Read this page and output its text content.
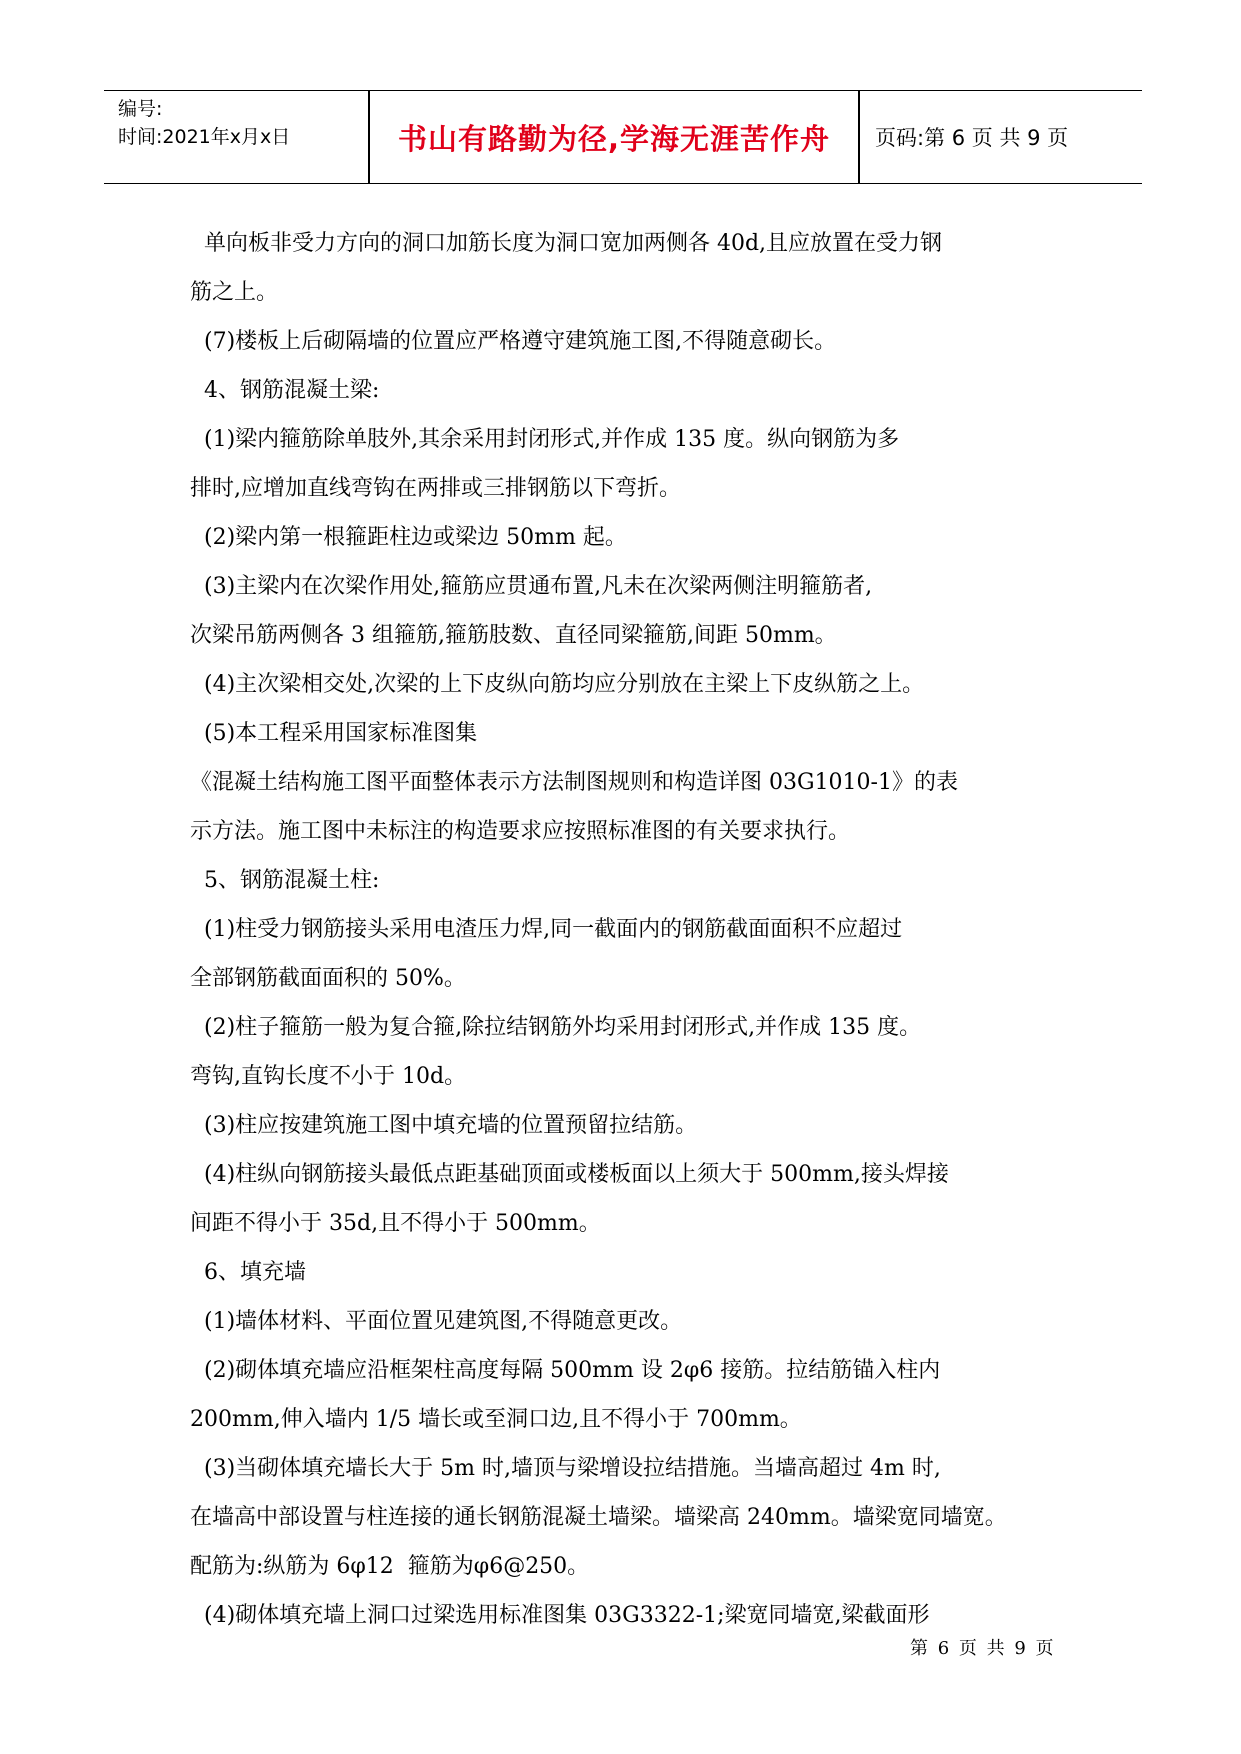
编号:
时间:2021年x月x日	书山有路勤为径,学海无涯苦作舟	页码:第 6 页 共 9 页

单向板非受力方向的洞口加筋长度为洞口宽加两侧各 40d,且应放置在受力钢

筋之上。

(7)楼板上后砌隔墙的位置应严格遵守建筑施工图,不得随意砌长。

4、钢筋混凝土梁:

(1)梁内箍筋除单肢外,其余采用封闭形式,并作成 135 度。纵向钢筋为多

排时,应增加直线弯钩在两排或三排钢筋以下弯折。

(2)梁内第一根箍距柱边或梁边 50mm 起。

(3)主梁内在次梁作用处,箍筋应贯通布置,凡未在次梁两侧注明箍筋者,

次梁吊筋两侧各 3 组箍筋,箍筋肢数、直径同梁箍筋,间距 50mm。

(4)主次梁相交处,次梁的上下皮纵向筋均应分别放在主梁上下皮纵筋之上。

(5)本工程采用国家标准图集

《混凝土结构施工图平面整体表示方法制图规则和构造详图 03G1010-1》的表

示方法。施工图中未标注的构造要求应按照标准图的有关要求执行。

5、钢筋混凝土柱:

(1)柱受力钢筋接头采用电渣压力焊,同一截面内的钢筋截面面积不应超过

全部钢筋截面面积的 50%。

(2)柱子箍筋一般为复合箍,除拉结钢筋外均采用封闭形式,并作成 135 度。

弯钩,直钩长度不小于 10d。

(3)柱应按建筑施工图中填充墙的位置预留拉结筋。

(4)柱纵向钢筋接头最低点距基础顶面或楼板面以上须大于 500mm,接头焊接

间距不得小于 35d,且不得小于 500mm。

6、填充墙

(1)墙体材料、平面位置见建筑图,不得随意更改。

(2)砌体填充墙应沿框架柱高度每隔 500mm 设 2φ6 接筋。拉结筋锚入柱内

200mm,伸入墙内 1/5 墙长或至洞口边,且不得小于 700mm。

(3)当砌体填充墙长大于 5m 时,墙顶与梁增设拉结措施。当墙高超过 4m 时,

在墙高中部设置与柱连接的通长钢筋混凝土墙梁。墙梁高 240mm。墙梁宽同墙宽。

配筋为:纵筋为 6φ12  箍筋为φ6@250。

(4)砌体填充墙上洞口过梁选用标准图集 03G3322-1;梁宽同墙宽,梁截面形

第 6 页 共 9 页
